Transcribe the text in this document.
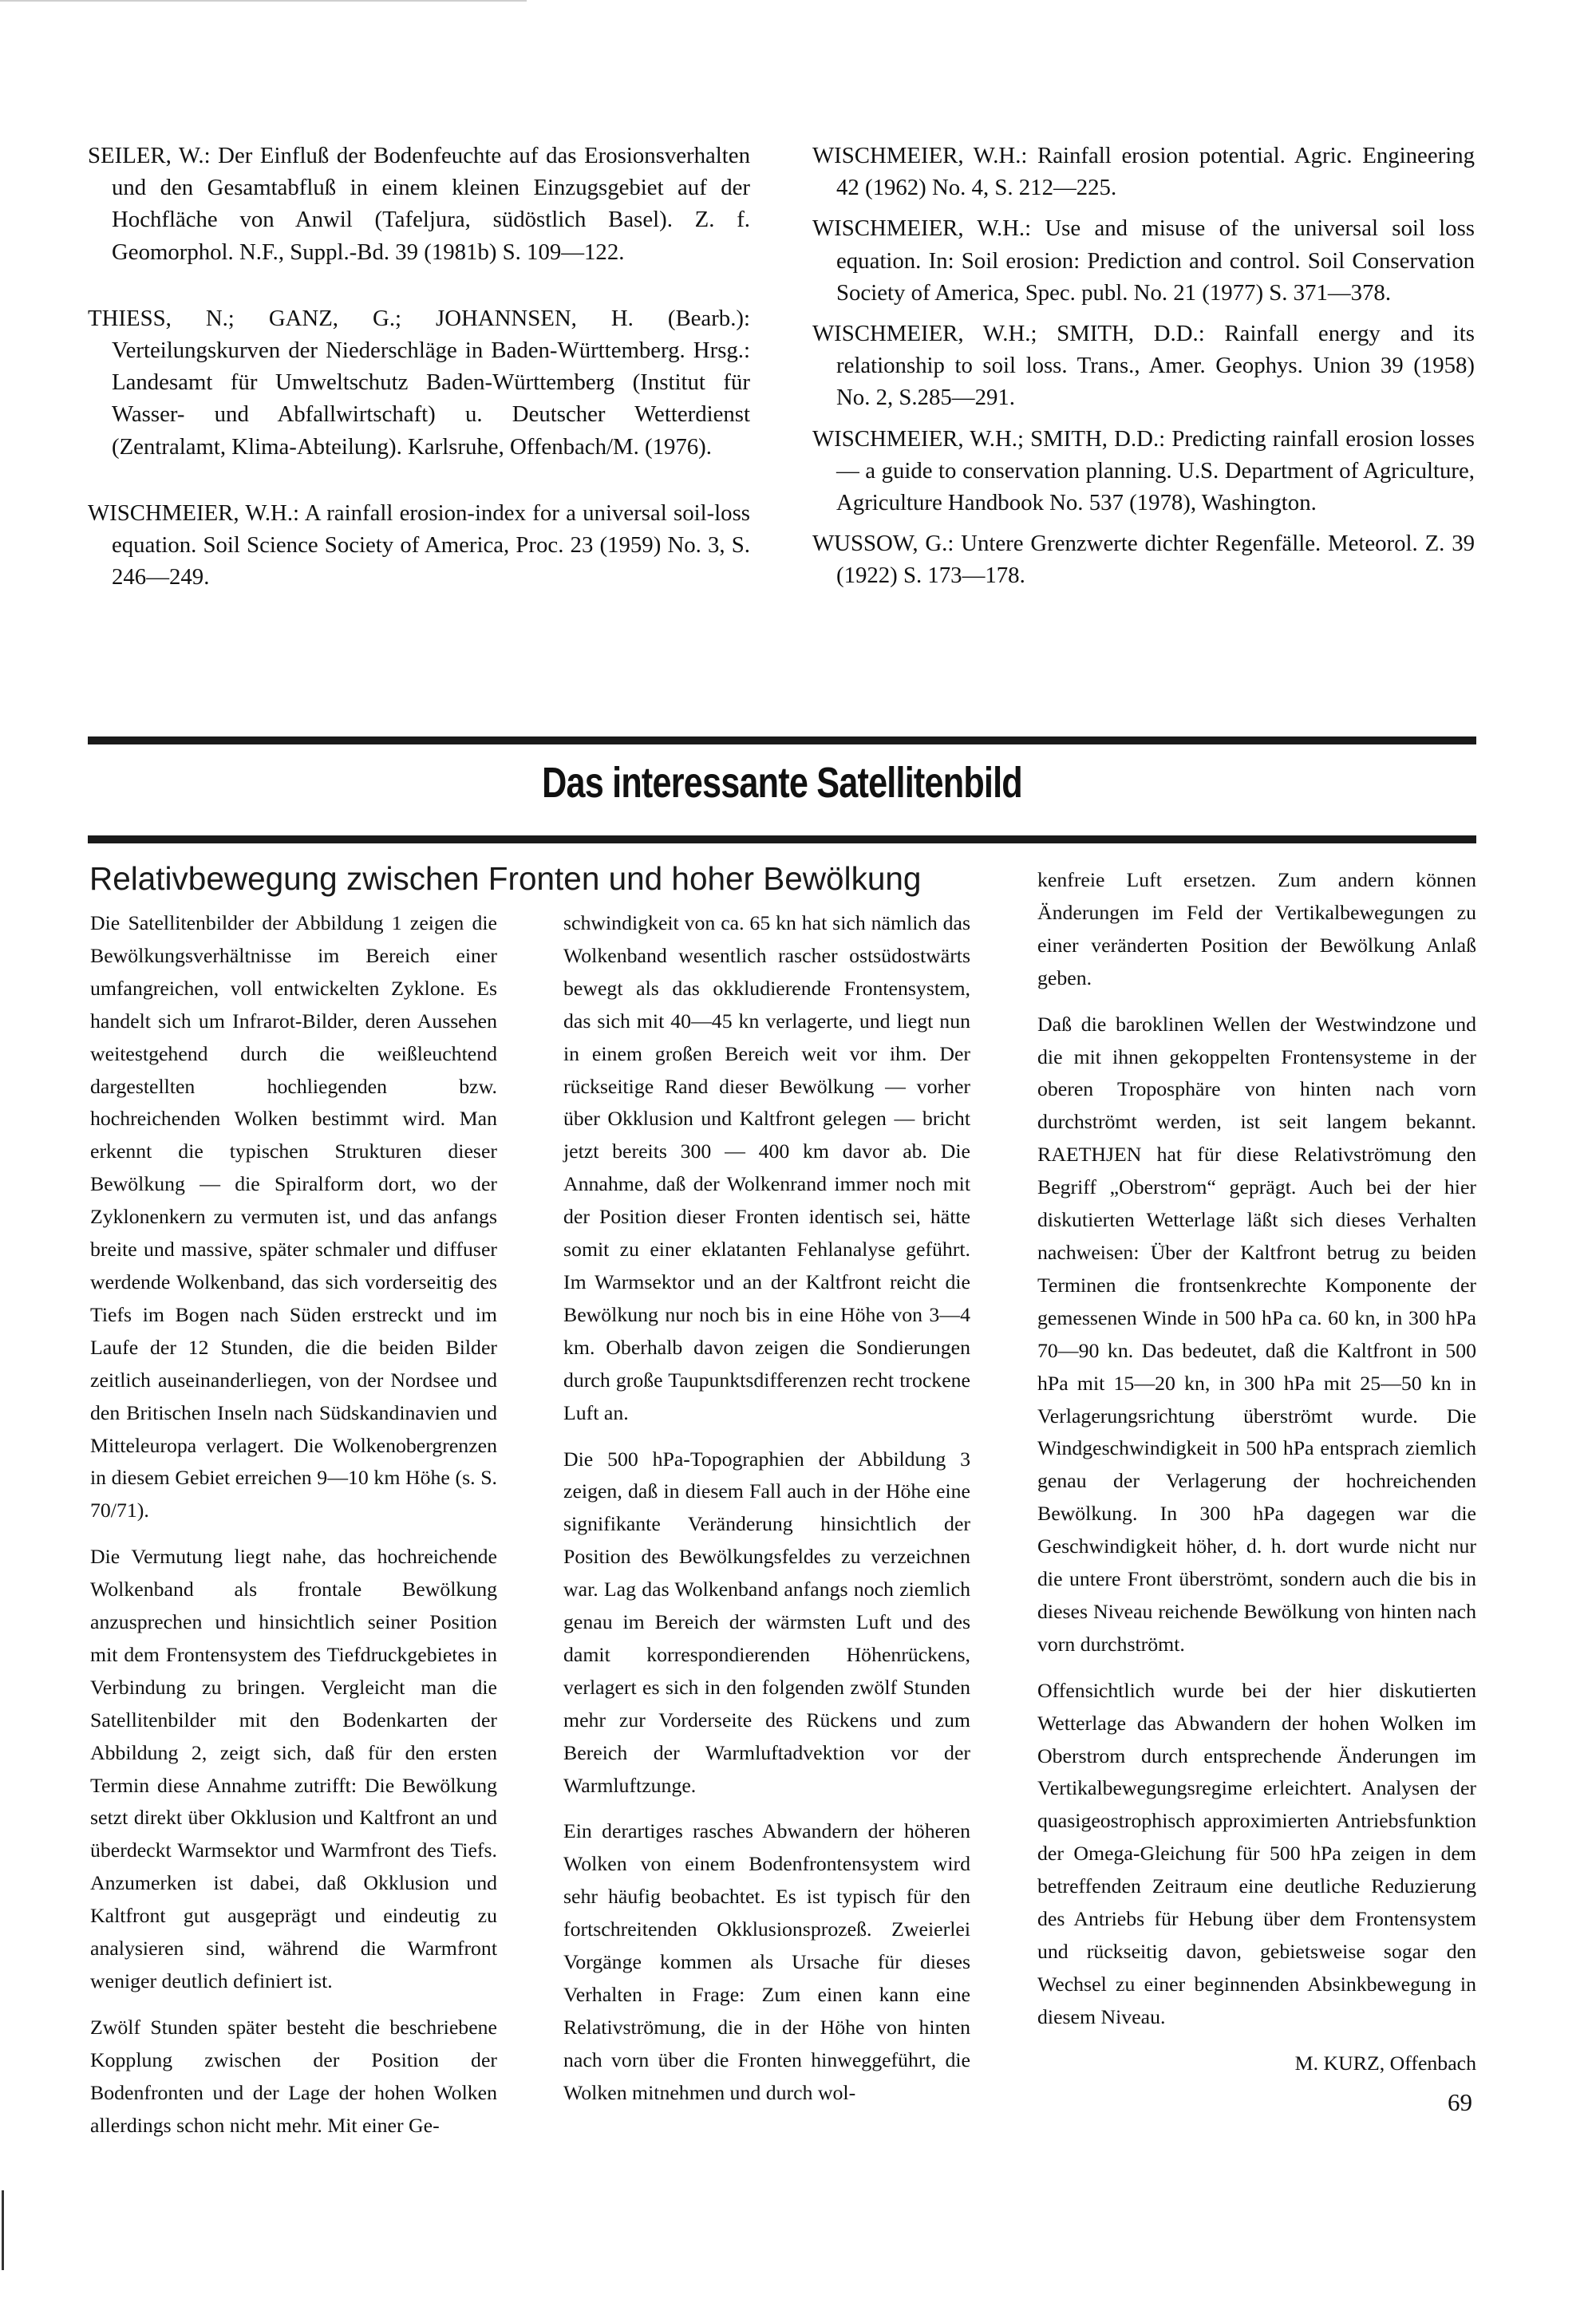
SEILER, W.: Der Einfluß der Bodenfeuchte auf das Erosionsverhalten und den Gesamtabfluß in einem kleinen Einzugsgebiet auf der Hochfläche von Anwil (Tafeljura, südöstlich Basel). Z. f. Geomorphol. N.F., Suppl.-Bd. 39 (1981b) S. 109—122.

THIESS, N.; GANZ, G.; JOHANNSEN, H. (Bearb.): Verteilungskurven der Niederschläge in Baden-Württemberg. Hrsg.: Landesamt für Umweltschutz Baden-Württemberg (Institut für Wasser- und Abfallwirtschaft) u. Deutscher Wetterdienst (Zentralamt, Klima-Abteilung). Karlsruhe, Offenbach/M. (1976).

WISCHMEIER, W.H.: A rainfall erosion-index for a universal soil-loss equation. Soil Science Society of America, Proc. 23 (1959) No. 3, S. 246—249.

WISCHMEIER, W.H.: Rainfall erosion potential. Agric. Engineering 42 (1962) No. 4, S. 212—225.

WISCHMEIER, W.H.: Use and misuse of the universal soil loss equation. In: Soil erosion: Prediction and control. Soil Conservation Society of America, Spec. publ. No. 21 (1977) S. 371—378.

WISCHMEIER, W.H.; SMITH, D.D.: Rainfall energy and its relationship to soil loss. Trans., Amer. Geophys. Union 39 (1958) No. 2, S.285—291.

WISCHMEIER, W.H.; SMITH, D.D.: Predicting rainfall erosion losses — a guide to conservation planning. U.S. Department of Agriculture, Agriculture Handbook No. 537 (1978), Washington.

WUSSOW, G.: Untere Grenzwerte dichter Regenfälle. Meteorol. Z. 39 (1922) S. 173—178.

Das interessante Satellitenbild
Relativbewegung zwischen Fronten und hoher Bewölkung

Die Satellitenbilder der Abbildung 1 zeigen die Bewölkungsverhältnisse im Bereich einer umfangreichen, voll entwickelten Zyklone. Es handelt sich um Infrarot-Bilder, deren Aussehen weitestgehend durch die weißleuchtend dargestellten hochliegenden bzw. hochreichenden Wolken bestimmt wird. Man erkennt die typischen Strukturen dieser Bewölkung — die Spiralform dort, wo der Zyklonenkern zu vermuten ist, und das anfangs breite und massive, später schmaler und diffuser werdende Wolkenband, das sich vorderseitig des Tiefs im Bogen nach Süden erstreckt und im Laufe der 12 Stunden, die die beiden Bilder zeitlich auseinanderliegen, von der Nordsee und den Britischen Inseln nach Südskandinavien und Mitteleuropa verlagert. Die Wolkenobergrenzen in diesem Gebiet erreichen 9—10 km Höhe (s. S. 70/71).

Die Vermutung liegt nahe, das hochreichende Wolkenband als frontale Bewölkung anzusprechen und hinsichtlich seiner Position mit dem Frontensystem des Tiefdruckgebietes in Verbindung zu bringen. Vergleicht man die Satellitenbilder mit den Bodenkarten der Abbildung 2, zeigt sich, daß für den ersten Termin diese Annahme zutrifft: Die Bewölkung setzt direkt über Okklusion und Kaltfront an und überdeckt Warmsektor und Warmfront des Tiefs. Anzumerken ist dabei, daß Okklusion und Kaltfront gut ausgeprägt und eindeutig zu analysieren sind, während die Warmfront weniger deutlich definiert ist.

Zwölf Stunden später besteht die beschriebene Kopplung zwischen der Position der Bodenfronten und der Lage der hohen Wolken allerdings schon nicht mehr. Mit einer Ge-

schwindigkeit von ca. 65 kn hat sich nämlich das Wolkenband wesentlich rascher ostsüdostwärts bewegt als das okkludierende Frontensystem, das sich mit 40—45 kn verlagerte, und liegt nun in einem großen Bereich weit vor ihm. Der rückseitige Rand dieser Bewölkung — vorher über Okklusion und Kaltfront gelegen — bricht jetzt bereits 300 — 400 km davor ab. Die Annahme, daß der Wolkenrand immer noch mit der Position dieser Fronten identisch sei, hätte somit zu einer eklatanten Fehlanalyse geführt. Im Warmsektor und an der Kaltfront reicht die Bewölkung nur noch bis in eine Höhe von 3—4 km. Oberhalb davon zeigen die Sondierungen durch große Taupunktsdifferenzen recht trockene Luft an.

Die 500 hPa-Topographien der Abbildung 3 zeigen, daß in diesem Fall auch in der Höhe eine signifikante Veränderung hinsichtlich der Position des Bewölkungsfeldes zu verzeichnen war. Lag das Wolkenband anfangs noch ziemlich genau im Bereich der wärmsten Luft und des damit korrespondierenden Höhenrückens, verlagert es sich in den folgenden zwölf Stunden mehr zur Vorderseite des Rückens und zum Bereich der Warmluftadvektion vor der Warmluftzunge.

Ein derartiges rasches Abwandern der höheren Wolken von einem Bodenfrontensystem wird sehr häufig beobachtet. Es ist typisch für den fortschreitenden Okklusionsprozeß. Zweierlei Vorgänge kommen als Ursache für dieses Verhalten in Frage: Zum einen kann eine Relativströmung, die in der Höhe von hinten nach vorn über die Fronten hinweggeführt, die Wolken mitnehmen und durch wol-

kenfreie Luft ersetzen. Zum andern können Änderungen im Feld der Vertikalbewegungen zu einer veränderten Position der Bewölkung Anlaß geben.

Daß die baroklinen Wellen der Westwindzone und die mit ihnen gekoppelten Frontensysteme in der oberen Troposphäre von hinten nach vorn durchströmt werden, ist seit langem bekannt. RAETHJEN hat für diese Relativströmung den Begriff „Oberstrom“ geprägt. Auch bei der hier diskutierten Wetterlage läßt sich dieses Verhalten nachweisen: Über der Kaltfront betrug zu beiden Terminen die frontsenkrechte Komponente der gemessenen Winde in 500 hPa ca. 60 kn, in 300 hPa 70—90 kn. Das bedeutet, daß die Kaltfront in 500 hPa mit 15—20 kn, in 300 hPa mit 25—50 kn in Verlagerungsrichtung überströmt wurde. Die Windgeschwindigkeit in 500 hPa entsprach ziemlich genau der Verlagerung der hochreichenden Bewölkung. In 300 hPa dagegen war die Geschwindigkeit höher, d. h. dort wurde nicht nur die untere Front überströmt, sondern auch die bis in dieses Niveau reichende Bewölkung von hinten nach vorn durchströmt.

Offensichtlich wurde bei der hier diskutierten Wetterlage das Abwandern der hohen Wolken im Oberstrom durch entsprechende Änderungen im Vertikalbewegungsregime erleichtert. Analysen der quasigeostrophisch approximierten Antriebsfunktion der Omega-Gleichung für 500 hPa zeigen in dem betreffenden Zeitraum eine deutliche Reduzierung des Antriebs für Hebung über dem Frontensystem und rückseitig davon, gebietsweise sogar den Wechsel zu einer beginnenden Absinkbewegung in diesem Niveau.

M. KURZ, Offenbach

69
